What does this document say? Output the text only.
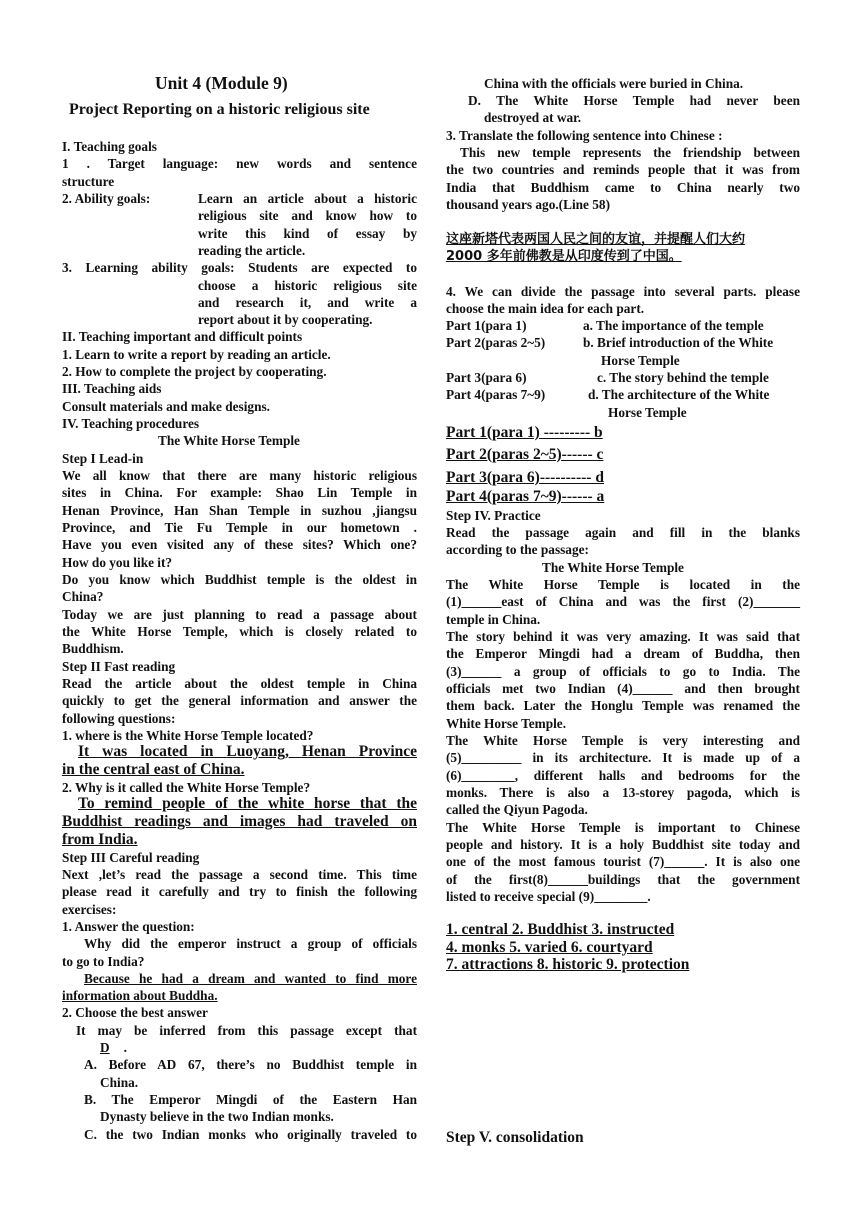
Unit 4 (Module 9)
Project Reporting on a historic religious site
I. Teaching goals
1 . Target language: new words and sentence
structure
2. Ability goals:	Learn an article about a historic
religious site and know how to
write this kind of essay by
reading the article.
3. Learning ability goals: Students are expected to
choose a historic religious site
and research it, and write a
report about it by cooperating.
II. Teaching important and difficult points
1. Learn to write a report by reading an article.
2. How to complete the project by cooperating.
III. Teaching aids
Consult materials and make designs.
IV. Teaching procedures
The White Horse Temple
Step I Lead-in
We all know that there are many historic religious
sites in China. For example: Shao Lin Temple in
Henan Province, Han Shan Temple in suzhou ,jiangsu
Province, and Tie Fu Temple in our hometown .
Have you even visited any of these sites? Which one?
How do you like it?
Do you know which Buddhist temple is the oldest in
China?
Today we are just planning to read a passage about
the White Horse Temple, which is closely related to
Buddhism.
Step II Fast reading
Read the article about the oldest temple in China
quickly to get the general information and answer the
following questions:
1. where is the White Horse Temple located?
It was located in Luoyang, Henan Province
in the central east of China.
2. Why is it called the White Horse Temple?
To remind people of the white horse that the
Buddhist readings and images had traveled on
from India.
Step III Careful reading
Next ,let’s read the passage a second time. This time
please read it carefully and try to finish the following
exercises:
1. Answer the question:
Why did the emperor instruct a group of officials
to go to India?
Because he had a dream and wanted to find more
information about Buddha.
2. Choose the best answer
It may be inferred from this passage except that
D .
A. Before AD 67, there’s no Buddhist temple in
China.
B. The Emperor Mingdi of the Eastern Han
Dynasty believe in the two Indian monks.
C. the two Indian monks who originally traveled to
China with the officials were buried in China.
D. The White Horse Temple had never been
destroyed at war.
3. Translate the following sentence into Chinese :
This new temple represents the friendship between
the two countries and reminds people that it was from
India that Buddhism came to China nearly two
thousand years ago.(Line 58)
这座新塔代表两国人民之间的友谊，并提醒人们大约
2000 多年前佛教是从印度传到了中国。
4. We can divide the passage into several parts. please
choose the main idea for each part.
Part 1(para 1)	a. The importance of the temple
Part 2(paras 2~5)	b. Brief introduction of the White
Horse Temple
Part 3(para 6)	c. The story behind the temple
Part 4(paras 7~9)	d. The architecture of the White
Horse Temple
Part 1(para 1) --------- b
Part 2(paras 2~5)------ c
Part 3(para 6)---------- d
Part 4(paras 7~9)------ a
Step IV. Practice
Read the passage again and fill in the blanks
according to the passage:
The White Horse Temple
The White Horse Temple is located in the
(1)______east of China and was the first (2)_______
temple in China.
The story behind it was very amazing. It was said that
the Emperor Mingdi had a dream of Buddha, then
(3)______ a group of officials to go to India. The
officials met two Indian (4)______ and then brought
them back. Later the Honglu Temple was renamed the
White Horse Temple.
The White Horse Temple is very interesting and
(5)_________ in its architecture. It is made up of a
(6)________, different halls and bedrooms for the
monks. There is also a 13-storey pagoda, which is
called the Qiyun Pagoda.
The White Horse Temple is important to Chinese
people and history. It is a holy Buddhist site today and
one of the most famous tourist (7)______. It is also one
of the first(8)______buildings that the government
listed to receive special (9)________.
1. central 2. Buddhist 3. instructed
4. monks 5. varied 6. courtyard
7. attractions 8. historic 9. protection
Step V. consolidation
